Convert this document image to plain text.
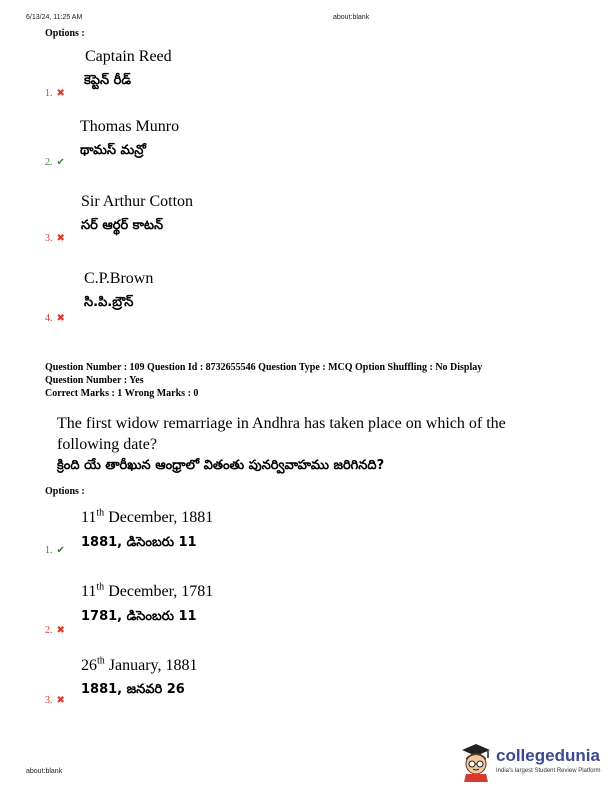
6/13/24, 11:25 AM	about:blank
Options :
Captain Reed
కెప్టెన్ రీడ్
1. ✖
Thomas Munro
థామస్ మన్రో
2. ✔
Sir Arthur Cotton
సర్ ఆర్థర్ కాటన్
3. ✖
C.P.Brown
సి.పి.బ్రౌన్
4. ✖
Question Number : 109 Question Id : 8732655546 Question Type : MCQ Option Shuffling : No Display
Question Number : Yes
Correct Marks : 1 Wrong Marks : 0
The first widow remarriage in Andhra has taken place on which of the
following date?
క్రింది యే తారీఖున ఆంధ్రాలో వితంతు పునర్వివాహము జరిగినది?
Options :
11th December, 1881
1881, డిసెంబరు 11
1. ✔
11th December, 1781
1781, డిసెంబరు 11
2. ✖
26th January, 1881
1881, జనవరి 26
3. ✖
about:blank
collegedunia
India's largest Student Review Platform
